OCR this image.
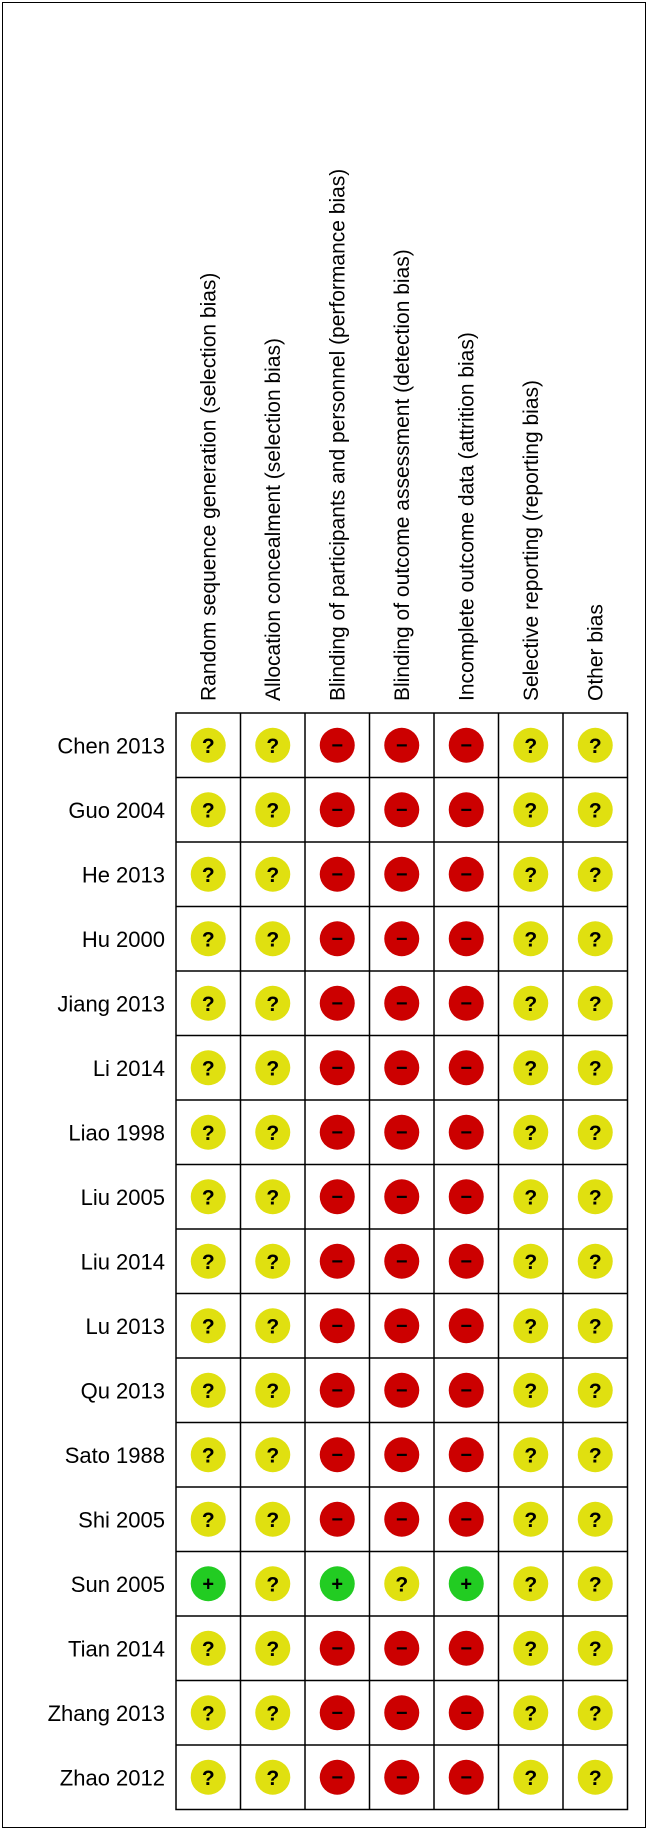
Random sequence generation (selection bias) Allocation concealment (selection bias) Blinding of participants and personnel (performance bias) Blinding of outcome assessment (detection bias) Incomplete outcome data (attrition bias) Selective reporting (reporting bias) Other bias
Chen 2013 ? ?	−	−	− ? ?
Guo 2004 ? ?	−	−	− ? ?
He 2013 ? ?	−	−	− ? ?
Hu 2000 ? ?	−	−	− ? ?
Jiang 2013 ? ?	−	−	− ? ?
Li 2014 ? ?	−	−	− ? ?
Liao 1998 ? ?	−	−	− ? ?
Liu 2005 ? ?	−	−	− ? ?
Liu 2014 ? ?	−	−	− ? ?
Lu 2013 ? ?	−	−	− ? ?
Qu 2013 ? ?	−	−	− ? ?
Sato 1988 ? ?	−	−	− ? ?
Shi 2005 ? ?	−	−	− ? ?
Sun 2005 + ?	+ ?	+ ? ?
Tian 2014 ? ?	−	−	− ? ?
Zhang 2013 ? ?	−	−	− ? ?
Zhao 2012 ? ?	−	−	− ? ?
